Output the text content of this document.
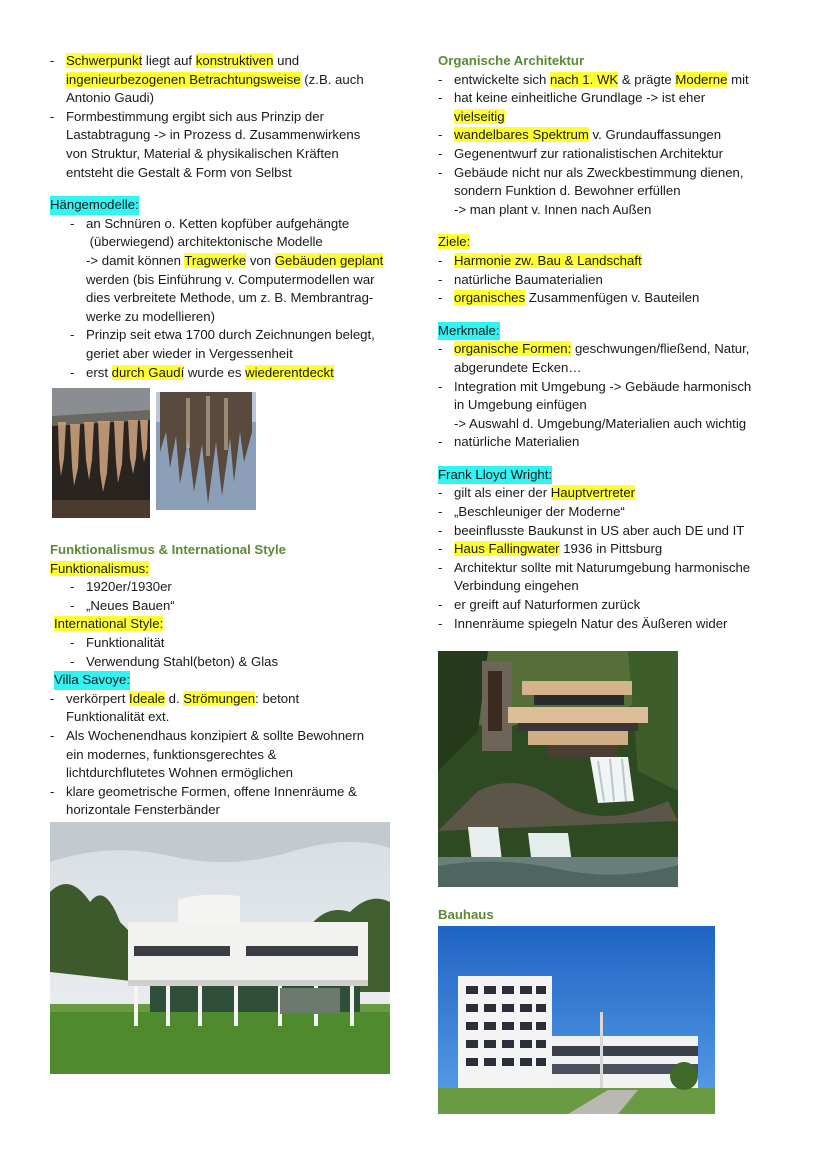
- Schwerpunkt liegt auf konstruktiven und
ingenieurbezogenen Betrachtungsweise (z.B. auch
Antonio Gaudi)
- Formbestimmung ergibt sich aus Prinzip der
Lastabtragung -> in Prozess d. Zusammenwirkens
von Struktur, Material & physikalischen Kräften
entsteht die Gestalt & Form von Selbst
Hängemodelle:
- an Schnüren o. Ketten kopfüber aufgehängte
(überwiegend) architektonische Modelle
-> damit können Tragwerke von Gebäuden geplant
werden (bis Einführung v. Computermodellen war
dies verbreitete Methode, um z. B. Membrantrag-
werke zu modellieren)
- Prinzip seit etwa 1700 durch Zeichnungen belegt,
geriet aber wieder in Vergessenheit
- erst durch Gaudí wurde es wiederentdeckt
Funktionalismus & International Style
Funktionalismus:
- 1920er/1930er
- „Neues Bauen“
International Style:
- Funktionalität
- Verwendung Stahl(beton) & Glas
Villa Savoye:
- verkörpert Ideale d. Strömungen: betont
Funktionalität ext.
- Als Wochenendhaus konzipiert & sollte Bewohnern
ein modernes, funktionsgerechtes &
lichtdurchflutetes Wohnen ermöglichen
- klare geometrische Formen, offene Innenräume &
horizontale Fensterbänder
Organische Architektur
- entwickelte sich nach 1. WK & prägte Moderne mit
- hat keine einheitliche Grundlage -> ist eher
vielseitig
- wandelbares Spektrum v. Grundauffassungen
- Gegenentwurf zur rationalistischen Architektur
- Gebäude nicht nur als Zweckbestimmung dienen,
sondern Funktion d. Bewohner erfüllen
-> man plant v. Innen nach Außen
Ziele:
- Harmonie zw. Bau & Landschaft
- natürliche Baumaterialien
- organisches Zusammenfügen v. Bauteilen
Merkmale:
- organische Formen: geschwungen/fließend, Natur,
abgerundete Ecken…
- Integration mit Umgebung -> Gebäude harmonisch
in Umgebung einfügen
-> Auswahl d. Umgebung/Materialien auch wichtig
- natürliche Materialien
Frank Lloyd Wright:
- gilt als einer der Hauptvertreter
- „Beschleuniger der Moderne“
- beeinflusste Baukunst in US aber auch DE und IT
- Haus Fallingwater 1936 in Pittsburg
- Architektur sollte mit Naturumgebung harmonische
Verbindung eingehen
- er greift auf Naturformen zurück
- Innenräume spiegeln Natur des Äußeren wider
Bauhaus
